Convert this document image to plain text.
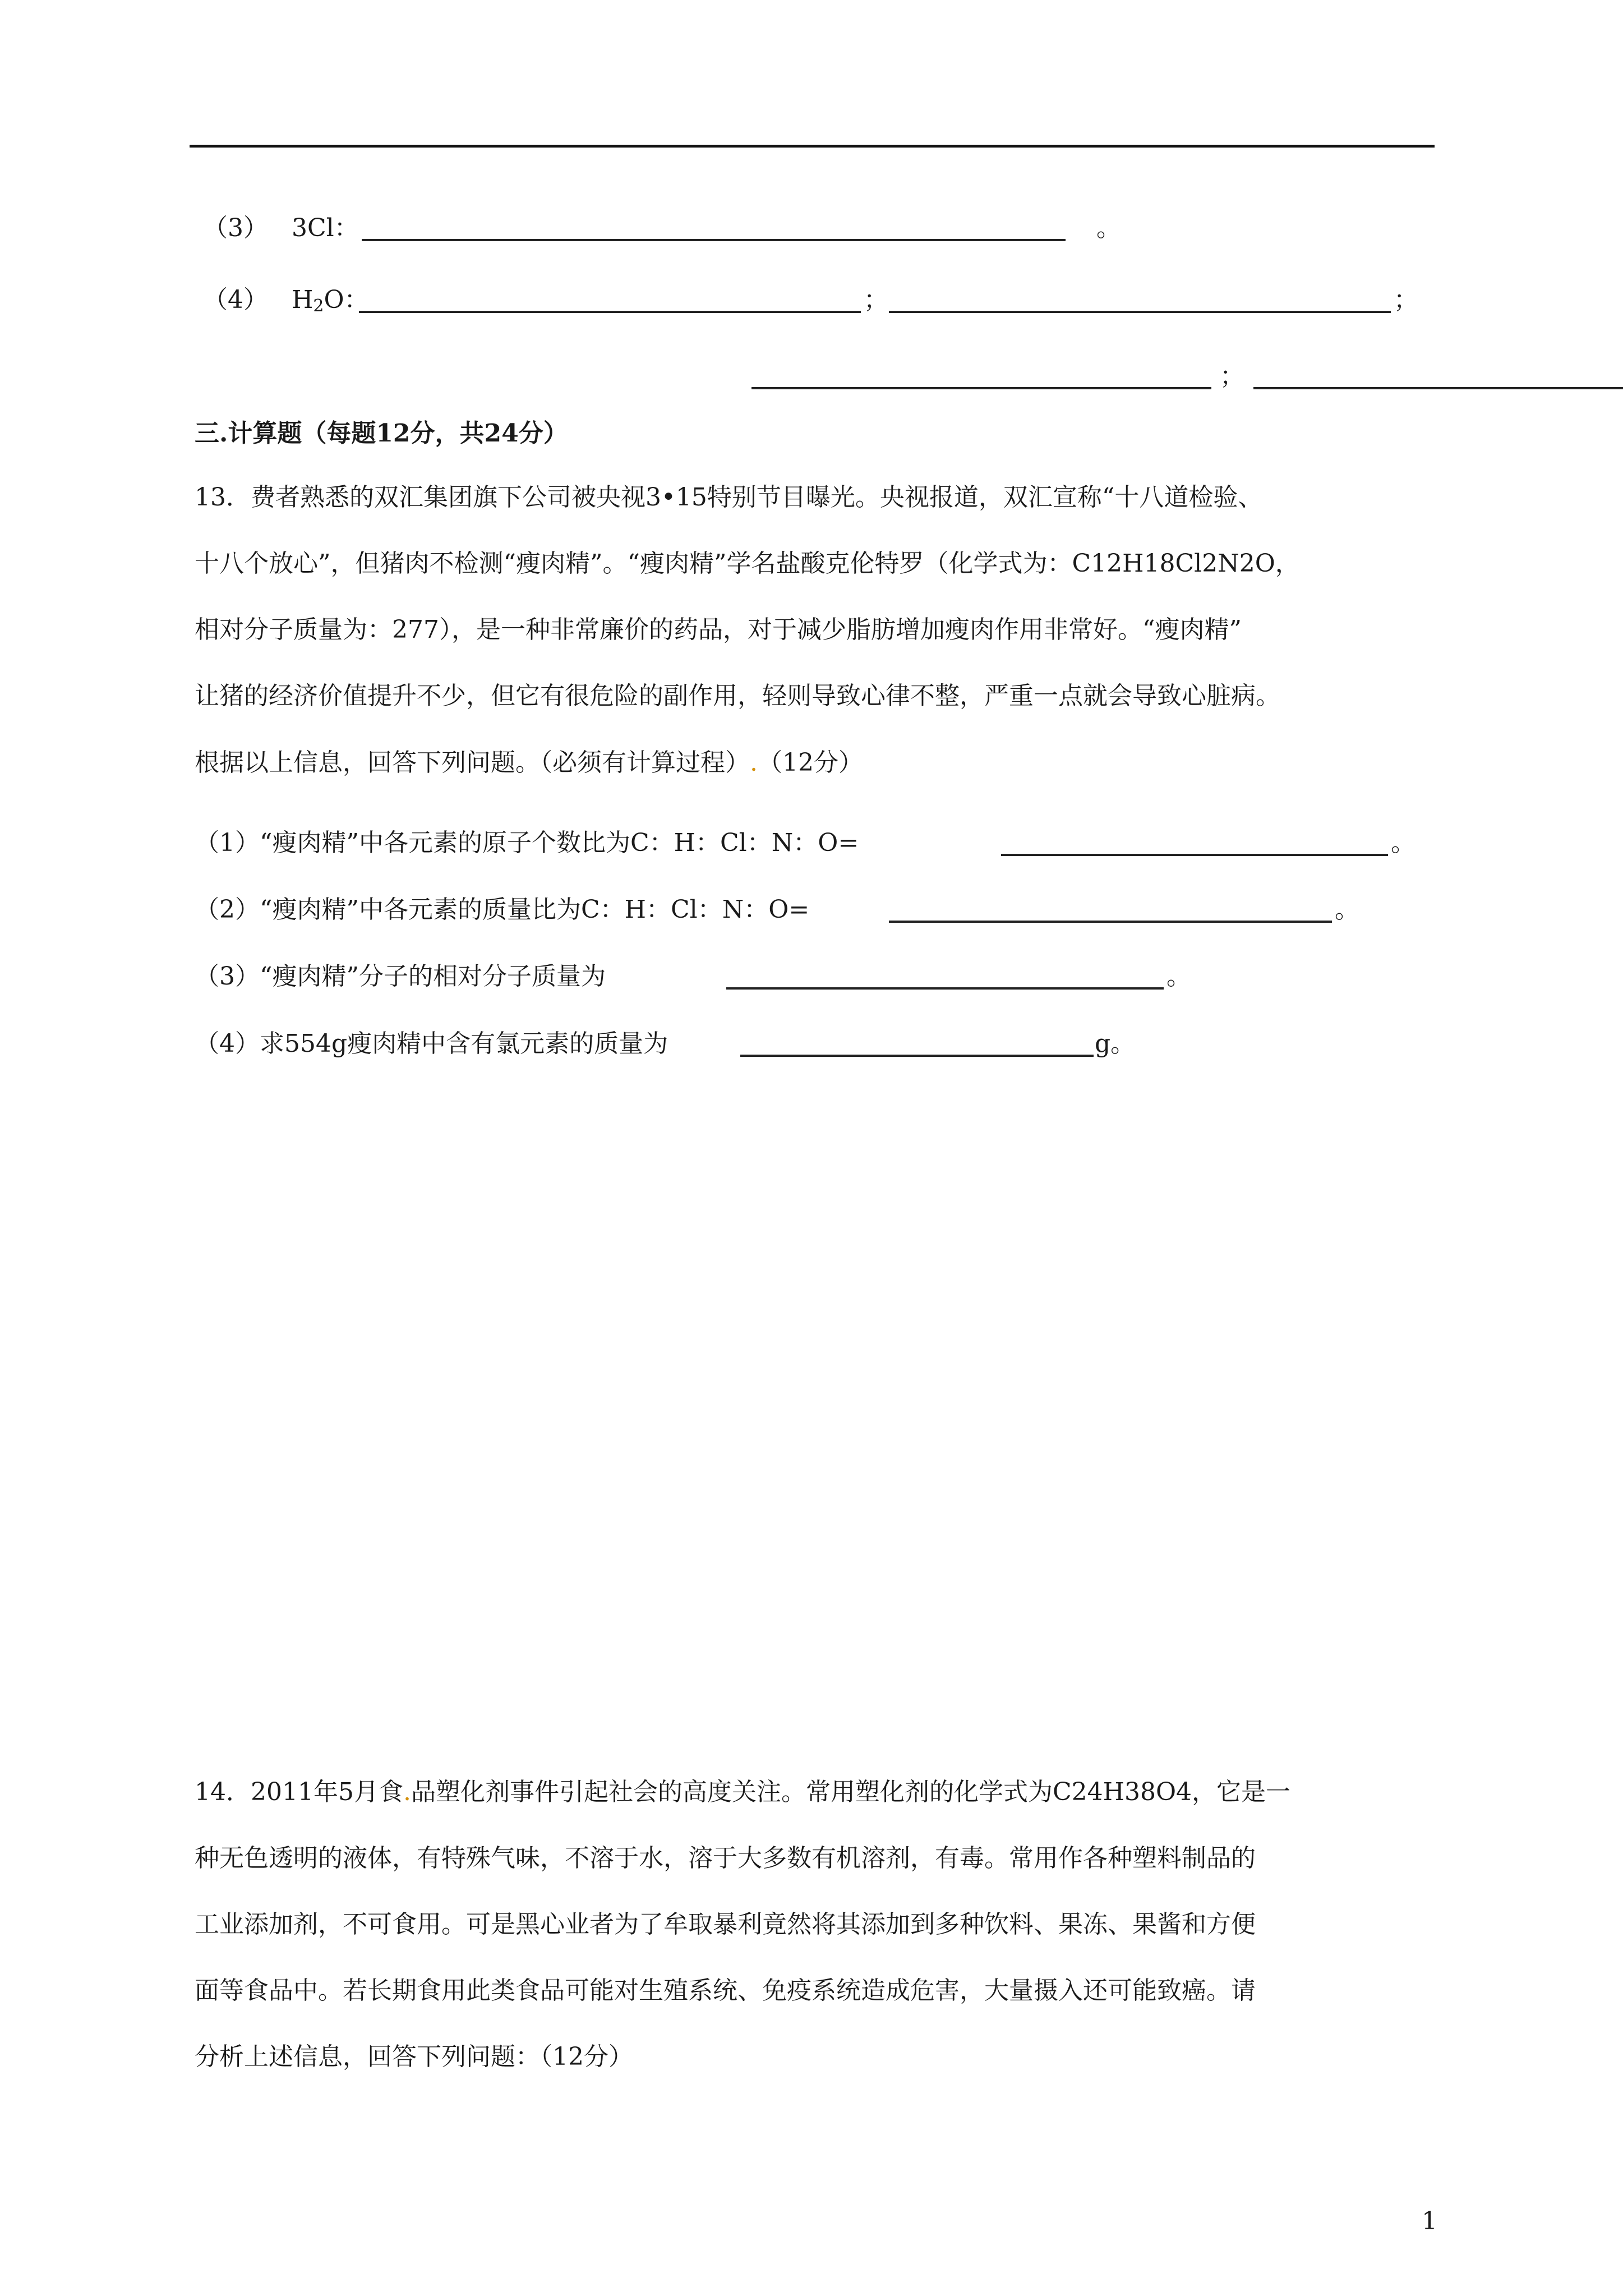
（3） 3Cl：	。
（4） $H_2O$：	；	；
；
三.计算题（每题12分，共24分）
13．费者熟悉的双汇集团旗下公司被央视3•15特别节目曝光。央视报道，双汇宣称“十八道检验、
十八个放心”，但猪肉不检测“瘦肉精”。“瘦肉精”学名盐酸克伦特罗（化学式为：C12H18Cl2N2O，
相对分子质量为：277），是一种非常廉价的药品，对于减少脂肪增加瘦肉作用非常好。“瘦肉精”
让猪的经济价值提升不少，但它有很危险的副作用，轻则导致心律不整，严重一点就会导致心脏病。
根据以上信息，回答下列问题。（必须有计算过程）.（12分）
（1）“瘦肉精”中各元素的原子个数比为C：H：Cl：N：O=	。
（2）“瘦肉精”中各元素的质量比为C：H：Cl：N：O=	。
（3）“瘦肉精”分子的相对分子质量为	。
（4）求554g瘦肉精中含有氯元素的质量为	g。
14．2011年5月食.品塑化剂事件引起社会的高度关注。常用塑化剂的化学式为C24H38O4，它是一
种无色透明的液体，有特殊气味，不溶于水，溶于大多数有机溶剂，有毒。常用作各种塑料制品的
工业添加剂，不可食用。可是黑心业者为了牟取暴利竟然将其添加到多种饮料、果冻、果酱和方便
面等食品中。若长期食用此类食品可能对生殖系统、免疫系统造成危害，大量摄入还可能致癌。请
分析上述信息，回答下列问题：（12分）
1
